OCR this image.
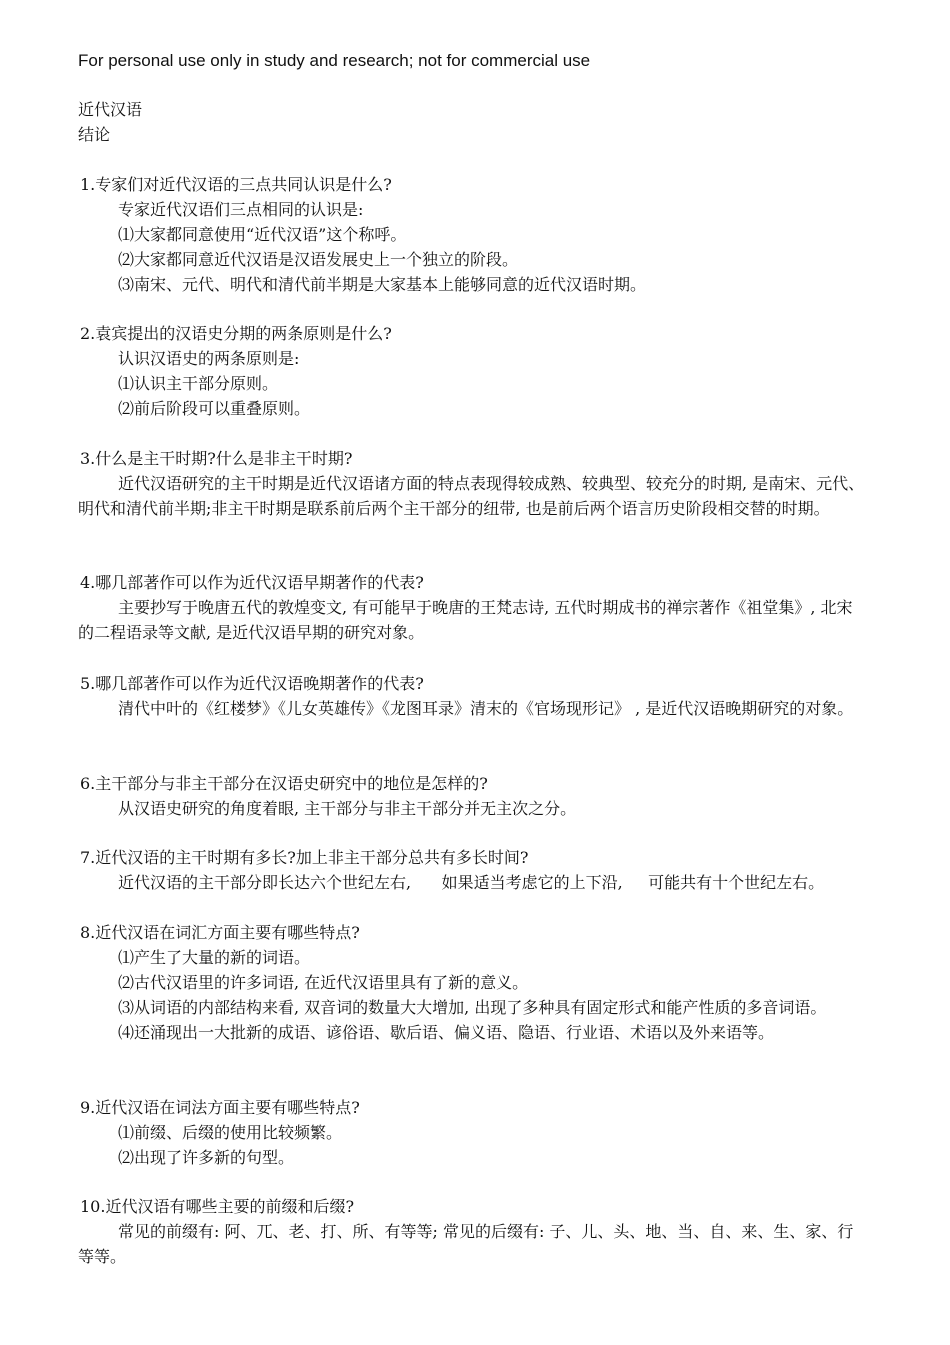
For personal use only in study and research; not for commercial use
近代汉语
结论
1.专家们对近代汉语的三点共同认识是什么?
专家近代汉语们三点相同的认识是:
⑴大家都同意使用“近代汉语”这个称呼。
⑵大家都同意近代汉语是汉语发展史上一个独立的阶段。
⑶南宋、元代、明代和清代前半期是大家基本上能够同意的近代汉语时期。
2.袁宾提出的汉语史分期的两条原则是什么?
认识汉语史的两条原则是:
⑴认识主干部分原则。
⑵前后阶段可以重叠原则。
3.什么是主干时期?什么是非主干时期?
近代汉语研究的主干时期是近代汉语诸方面的特点表现得较成熟、较典型、较充分的时期, 是南宋、元代、明代和清代前半期;非主干时期是联系前后两个主干部分的纽带, 也是前后两个语言历史阶段相交替的时期。
4.哪几部著作可以作为近代汉语早期著作的代表?
主要抄写于晚唐五代的敦煌变文, 有可能早于晚唐的王梵志诗, 五代时期成书的禅宗著作《祖堂集》, 北宋的二程语录等文献, 是近代汉语早期的研究对象。
5.哪几部著作可以作为近代汉语晚期著作的代表?
清代中叶的《红楼梦》《儿女英雄传》《龙图耳录》清末的《官场现形记》 , 是近代汉语晚期研究的对象。
6.主干部分与非主干部分在汉语史研究中的地位是怎样的?
从汉语史研究的角度着眼, 主干部分与非主干部分并无主次之分。
7.近代汉语的主干时期有多长?加上非主干部分总共有多长时间?
近代汉语的主干部分即长达六个世纪左右,      如果适当考虑它的上下沿,     可能共有十个世纪左右。
8.近代汉语在词汇方面主要有哪些特点?
⑴产生了大量的新的词语。
⑵古代汉语里的许多词语, 在近代汉语里具有了新的意义。
⑶从词语的内部结构来看, 双音词的数量大大增加, 出现了多种具有固定形式和能产性质的多音词语。
⑷还涌现出一大批新的成语、谚俗语、歇后语、偏义语、隐语、行业语、术语以及外来语等。
9.近代汉语在词法方面主要有哪些特点?
⑴前缀、后缀的使用比较频繁。
⑵出现了许多新的句型。
10.近代汉语有哪些主要的前缀和后缀?
常见的前缀有: 阿、兀、老、打、所、有等等; 常见的后缀有: 子、儿、头、地、当、自、来、生、家、行等等。
